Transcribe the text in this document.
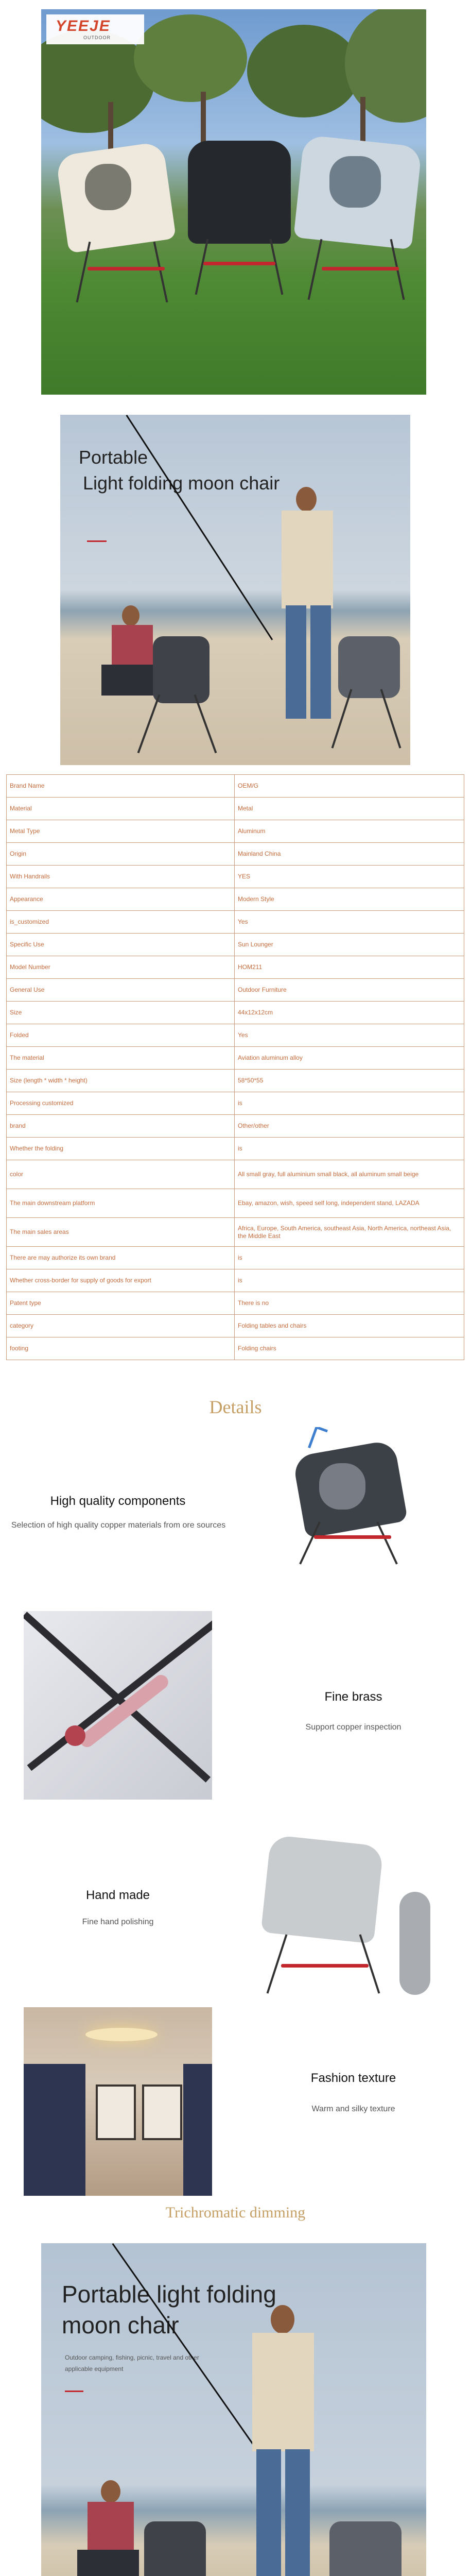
YEEJE
OUTDOOR
Portable
Light folding moon chair
Brand Name	OEM/G
Material	Metal
Metal Type	Aluminum
Origin	Mainland China
With Handrails	YES
Appearance	Modern Style
is_customized	Yes
Specific Use	Sun Lounger
Model Number	HOM211
General Use	Outdoor Furniture
Size	44x12x12cm
Folded	Yes
The material	Aviation aluminum alloy
Size (length * width * height)	58*50*55
Processing customized	is
brand	Other/other
Whether the folding	is
color	All small gray, full aluminium small black, all aluminum small beige
The main downstream platform	Ebay, amazon, wish, speed self long, independent stand, LAZADA
The main sales areas	Africa, Europe, South America, southeast Asia, North America, northeast Asia, the Middle East
There are may authorize its own brand	is
Whether cross-border for supply of goods for export	is
Patent type	There is no
category	Folding tables and chairs
footing	Folding chairs
Details
High quality components
Selection of high quality copper materials from ore sources
Fine brass
Support copper inspection
Hand made
Fine hand polishing
Fashion texture
Warm and silky texture
Trichromatic dimming
Portable light folding moon chair
Outdoor camping, fishing, picnic, travel and other applicable equipment
